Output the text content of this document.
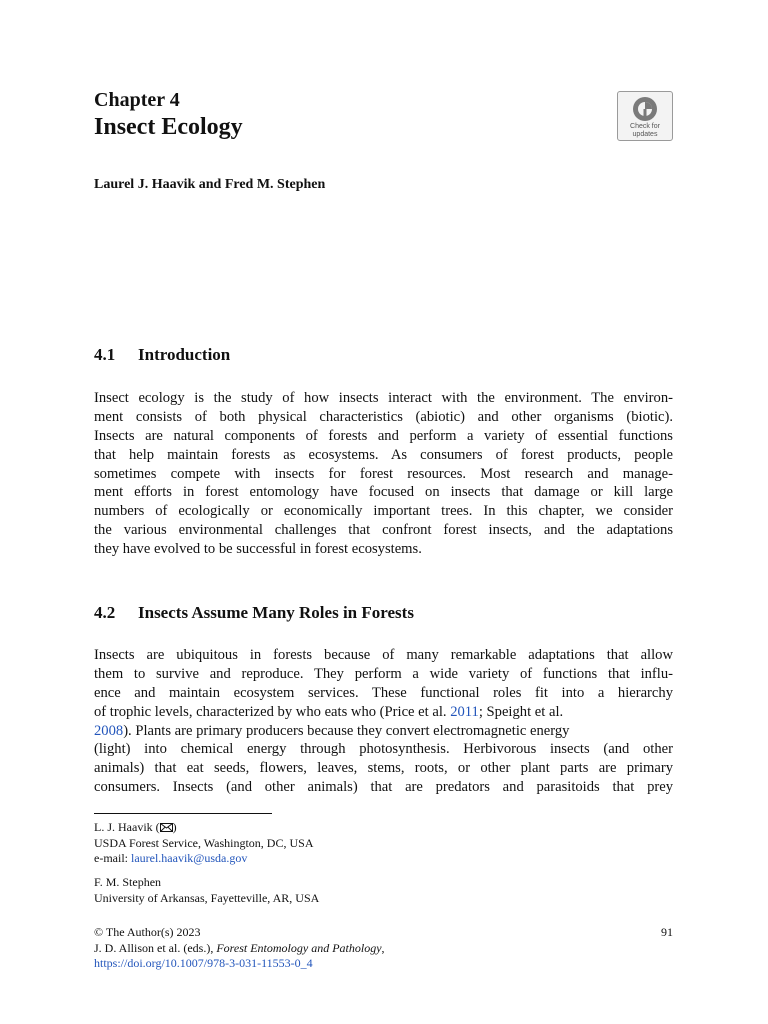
Chapter 4
Insect Ecology	Check for
updates
Laurel J. Haavik and Fred M. Stephen
4.1 Introduction
Insect ecology is the study of how insects interact with the environment. The environ-
ment consists of both physical characteristics (abiotic) and other organisms (biotic).
Insects are natural components of forests and perform a variety of essential functions
that help maintain forests as ecosystems. As consumers of forest products, people
sometimes compete with insects for forest resources. Most research and manage-
ment efforts in forest entomology have focused on insects that damage or kill large
numbers of ecologically or economically important trees. In this chapter, we consider
the various environmental challenges that confront forest insects, and the adaptations
they have evolved to be successful in forest ecosystems.
4.2 Insects Assume Many Roles in Forests
Insects are ubiquitous in forests because of many remarkable adaptations that allow
them to survive and reproduce. They perform a wide variety of functions that influ-
ence and maintain ecosystem services. These functional roles fit into a hierarchy
of trophic levels, characterized by who eats who (Price et al. 2011; Speight et al.
2008). Plants are primary producers because they convert electromagnetic energy
(light) into chemical energy through photosynthesis. Herbivorous insects (and other
animals) that eat seeds, flowers, leaves, stems, roots, or other plant parts are primary
consumers. Insects (and other animals) that are predators and parasitoids that prey
L. J. Haavik ( )
USDA Forest Service, Washington, DC, USA
e-mail: laurel.haavik@usda.gov
F. M. Stephen
University of Arkansas, Fayetteville, AR, USA
© The Author(s) 2023
J. D. Allison et al. (eds.), Forest Entomology and Pathology,
https://doi.org/10.1007/978-3-031-11553-0_4
91
